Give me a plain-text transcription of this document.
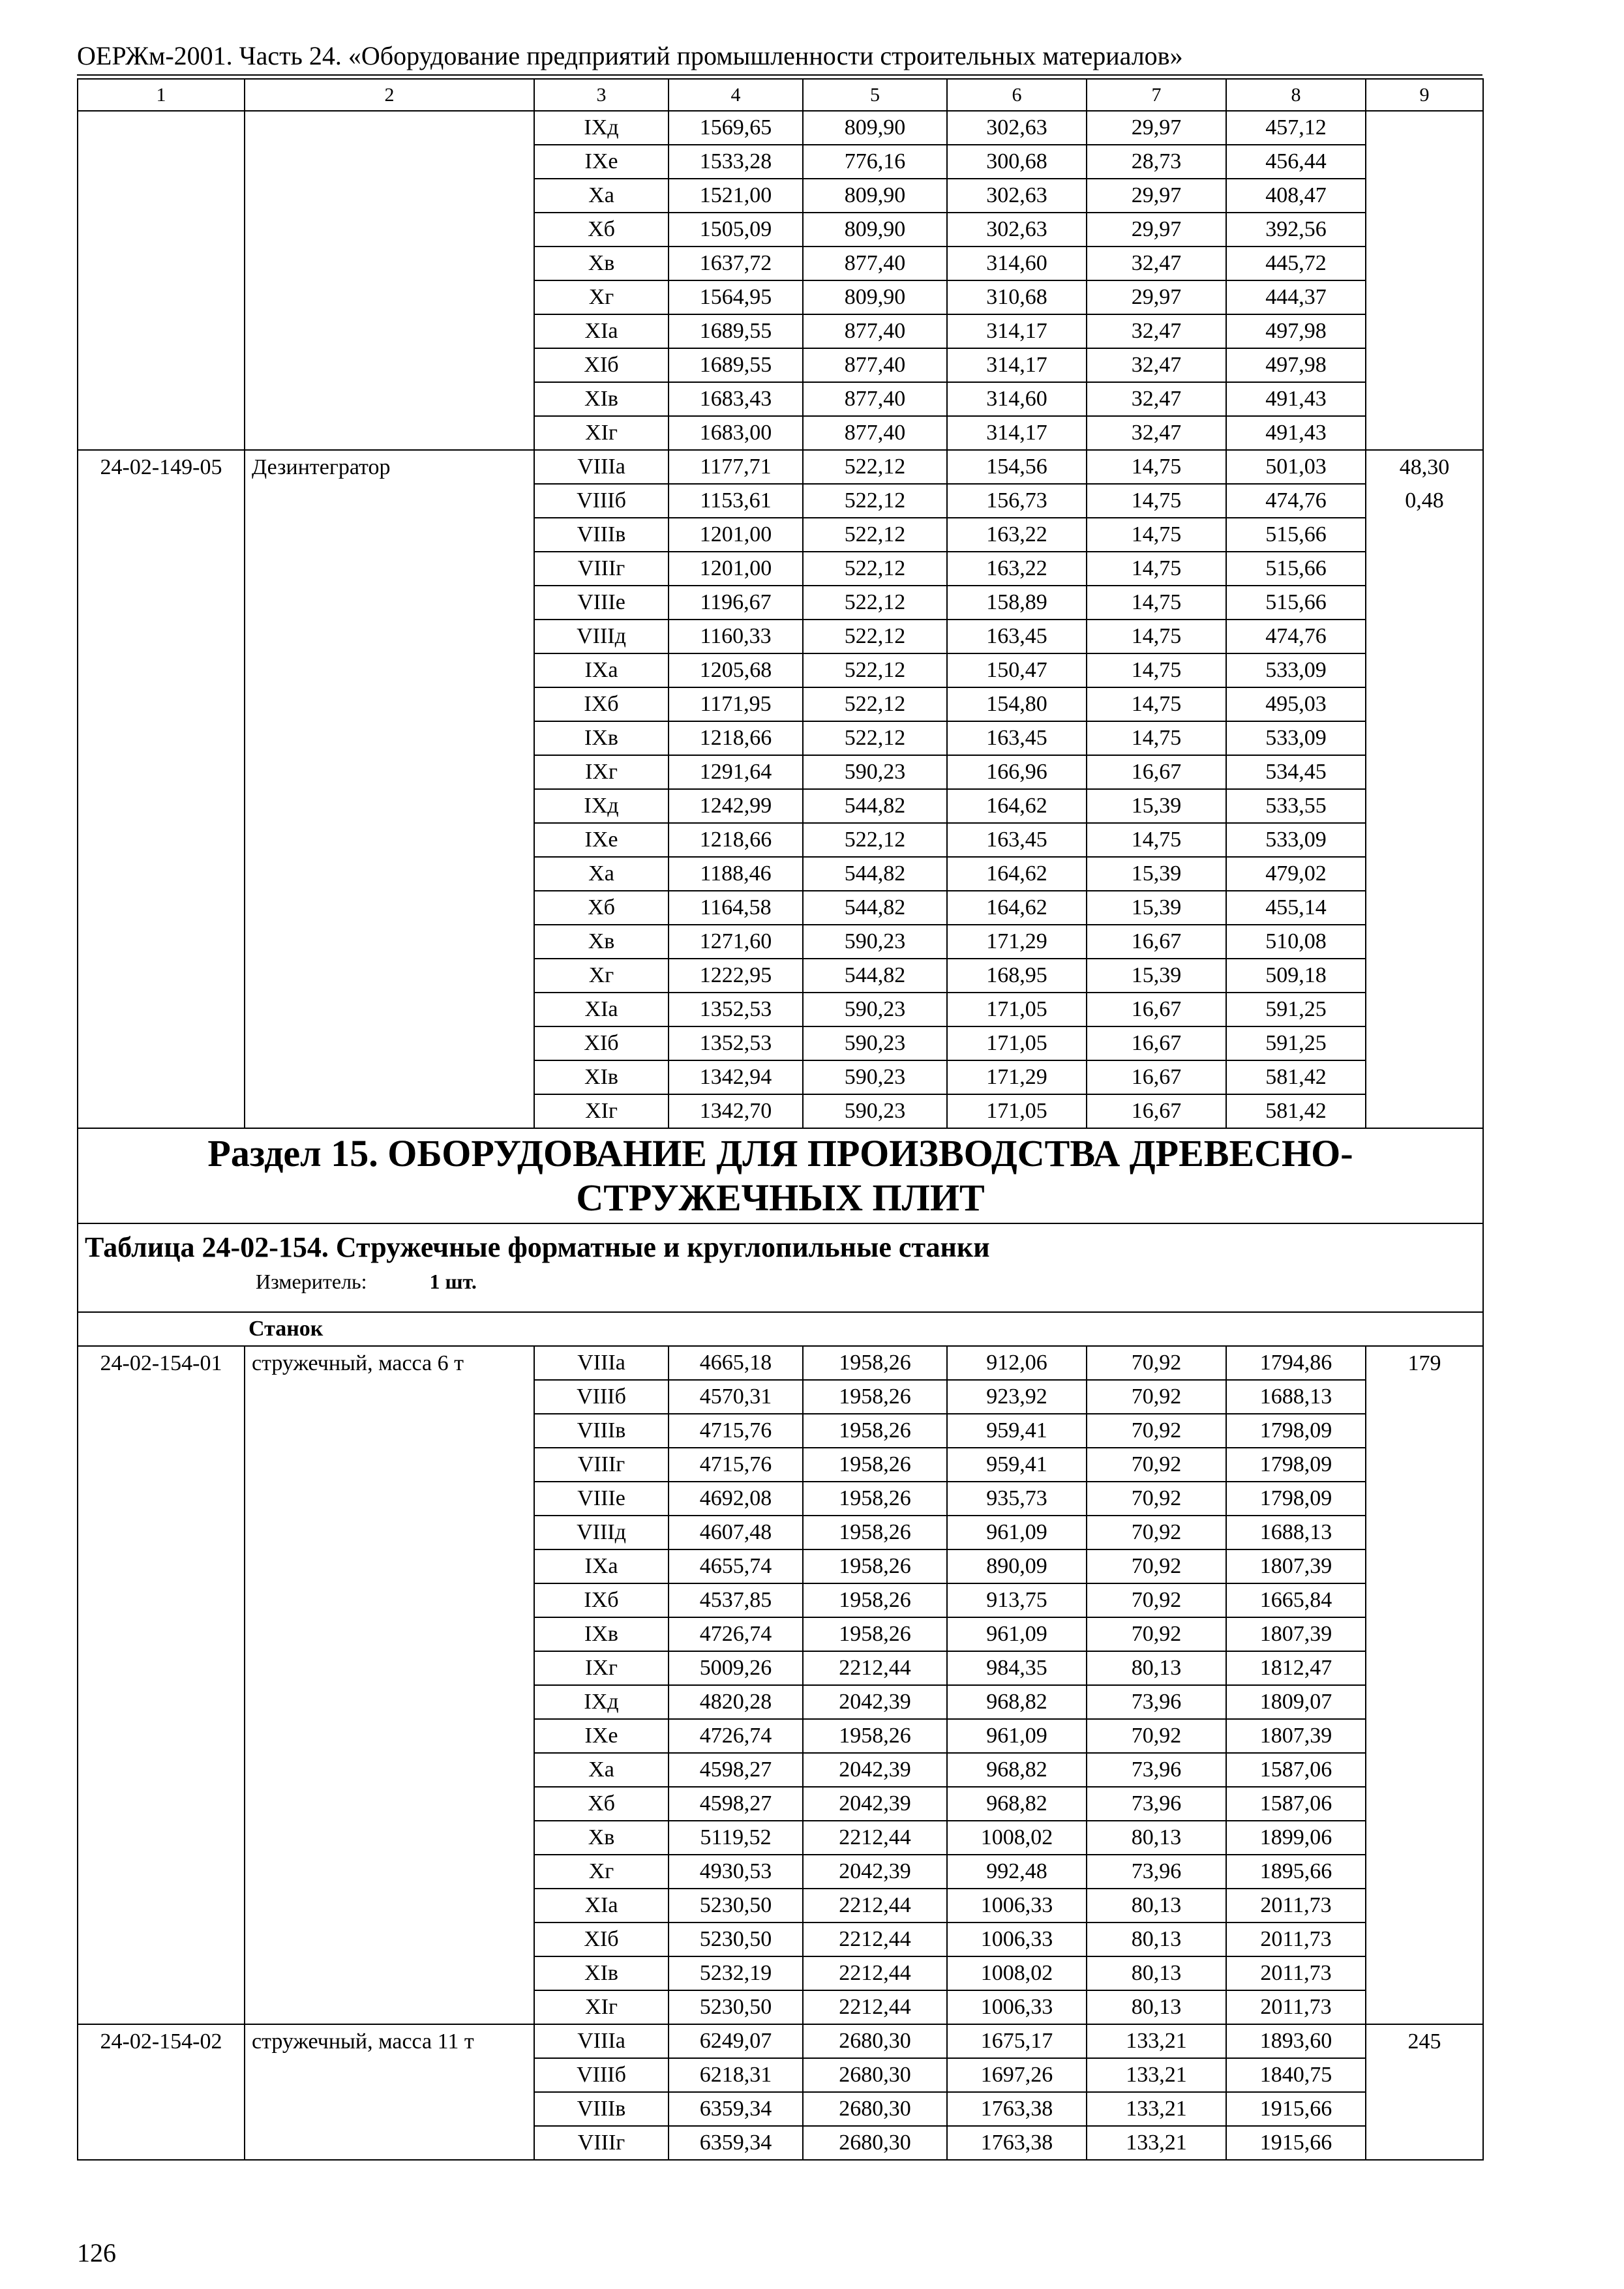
ОЕРЖм-2001. Часть 24. «Оборудование предприятий промышленности строительных материалов»
1	2	3	4	5	6	7	8	9
		IXд	1569,65	809,90	302,63	29,97	457,12	
		IXе	1533,28	776,16	300,68	28,73	456,44	
		Xа	1521,00	809,90	302,63	29,97	408,47	
		Xб	1505,09	809,90	302,63	29,97	392,56	
		Xв	1637,72	877,40	314,60	32,47	445,72	
		Xг	1564,95	809,90	310,68	29,97	444,37	
		XIа	1689,55	877,40	314,17	32,47	497,98	
		XIб	1689,55	877,40	314,17	32,47	497,98	
		XIв	1683,43	877,40	314,60	32,47	491,43	
		XIг	1683,00	877,40	314,17	32,47	491,43	
24-02-149-05	Дезинтегратор	VIIIа	1177,71	522,12	154,56	14,75	501,03	48,30
		VIIIб	1153,61	522,12	156,73	14,75	474,76	0,48
		VIIIв	1201,00	522,12	163,22	14,75	515,66	
		VIIIг	1201,00	522,12	163,22	14,75	515,66	
		VIIIе	1196,67	522,12	158,89	14,75	515,66	
		VIIIд	1160,33	522,12	163,45	14,75	474,76	
		IXа	1205,68	522,12	150,47	14,75	533,09	
		IXб	1171,95	522,12	154,80	14,75	495,03	
		IXв	1218,66	522,12	163,45	14,75	533,09	
		IXг	1291,64	590,23	166,96	16,67	534,45	
		IXд	1242,99	544,82	164,62	15,39	533,55	
		IXе	1218,66	522,12	163,45	14,75	533,09	
		Xа	1188,46	544,82	164,62	15,39	479,02	
		Xб	1164,58	544,82	164,62	15,39	455,14	
		Xв	1271,60	590,23	171,29	16,67	510,08	
		Xг	1222,95	544,82	168,95	15,39	509,18	
		XIа	1352,53	590,23	171,05	16,67	591,25	
		XIб	1352,53	590,23	171,05	16,67	591,25	
		XIв	1342,94	590,23	171,29	16,67	581,42	
		XIг	1342,70	590,23	171,05	16,67	581,42	
Раздел 15. ОБОРУДОВАНИЕ ДЛЯ ПРОИЗВОДСТВА ДРЕВЕСНО-СТРУЖЕЧНЫХ ПЛИТ								

Таблица 24-02-154. Стружечные форматные и круглопильные станки
Измеритель: 1 шт.								

	Станок							
24-02-154-01	стружечный, масса 6 т	VIIIа	4665,18	1958,26	912,06	70,92	1794,86	179
		VIIIб	4570,31	1958,26	923,92	70,92	1688,13	
		VIIIв	4715,76	1958,26	959,41	70,92	1798,09	
		VIIIг	4715,76	1958,26	959,41	70,92	1798,09	
		VIIIе	4692,08	1958,26	935,73	70,92	1798,09	
		VIIIд	4607,48	1958,26	961,09	70,92	1688,13	
		IXа	4655,74	1958,26	890,09	70,92	1807,39	
		IXб	4537,85	1958,26	913,75	70,92	1665,84	
		IXв	4726,74	1958,26	961,09	70,92	1807,39	
		IXг	5009,26	2212,44	984,35	80,13	1812,47	
		IXд	4820,28	2042,39	968,82	73,96	1809,07	
		IXе	4726,74	1958,26	961,09	70,92	1807,39	
		Xа	4598,27	2042,39	968,82	73,96	1587,06	
		Xб	4598,27	2042,39	968,82	73,96	1587,06	
		Xв	5119,52	2212,44	1008,02	80,13	1899,06	
		Xг	4930,53	2042,39	992,48	73,96	1895,66	
		XIа	5230,50	2212,44	1006,33	80,13	2011,73	
		XIб	5230,50	2212,44	1006,33	80,13	2011,73	
		XIв	5232,19	2212,44	1008,02	80,13	2011,73	
		XIг	5230,50	2212,44	1006,33	80,13	2011,73	
24-02-154-02	стружечный, масса 11 т	VIIIа	6249,07	2680,30	1675,17	133,21	1893,60	245
		VIIIб	6218,31	2680,30	1697,26	133,21	1840,75	
		VIIIв	6359,34	2680,30	1763,38	133,21	1915,66	
		VIIIг	6359,34	2680,30	1763,38	133,21	1915,66	
126
